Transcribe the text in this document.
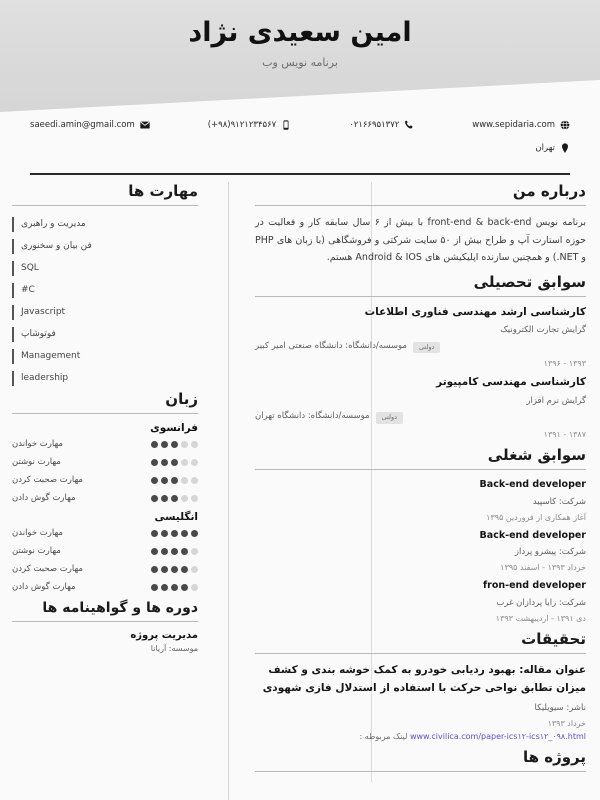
امین سعیدی نژاد
برنامه نویس وب
saeedi.amin@gmail.com	(+۹۸)۹۱۲۱۲۳۴۵۶۷	۰۲۱۶۶۹۵۱۳۷۲	www.sepidaria.com
تهران
درباره من

برنامه نویس front-end & back-end با بیش از ۶ سال سابقه کار و فعالیت در حوزه استارت آپ و طراح بیش از ۵۰ سایت شرکتی و فروشگاهی (با زبان های PHP و NET.) و همچنین سازنده اپلیکیشن های Android & IOS هستم.

سوابق تحصیلی
کارشناسی ارشد مهندسی فناوری اطلاعات
گرایش تجارت الکترونیک
موسسه/دانشگاه: دانشگاه صنعتی امیر کبیر	دولتی
۱۳۹۳ - ۱۳۹۶
کارشناسی مهندسی کامپیوتر
گرایش نرم افزار
موسسه/دانشگاه: دانشگاه تهران	دولتی
۱۳۸۷ - ۱۳۹۱
سوابق شغلی
Back-end developer
شرکت: کاسپید
آغاز همکاری از فروردین ۱۳۹۵
Back-end developer
شرکت: پیشرو پرداز
خرداد ۱۳۹۳ - اسفند ۱۳۹۵
fron-end developer
شرکت: رایا پردازان غرب
دی ۱۳۹۱ - اردیبهشت ۱۳۹۳
تحقیقات
عنوان مقاله: بهبود ردیابی خودرو به کمک خوشه بندی و کشف میزان تطابق نواحی حرکت با استفاده از استدلال فازی شهودی
ناشر: سیویلیکا
خرداد ۱۳۹۳
www.civilica.com/paper-ics۱۲-ics۱۲_۰۹۸.html لینک مربوطه :
پروژه ها
مهارت ها
مدیریت و راهبری
فن بیان و سخنوری
SQL
C#
Javascript
فوتوشاپ
Management
leadership
زبان
فرانسوی
مهارت خواندن
مهارت نوشتن
مهارت صحبت کردن
مهارت گوش دادن
انگلیسی
مهارت خواندن
مهارت نوشتن
مهارت صحبت کردن
مهارت گوش دادن
دوره ها و گواهینامه ها
مدیریت پروژه
موسسه: آریانا
